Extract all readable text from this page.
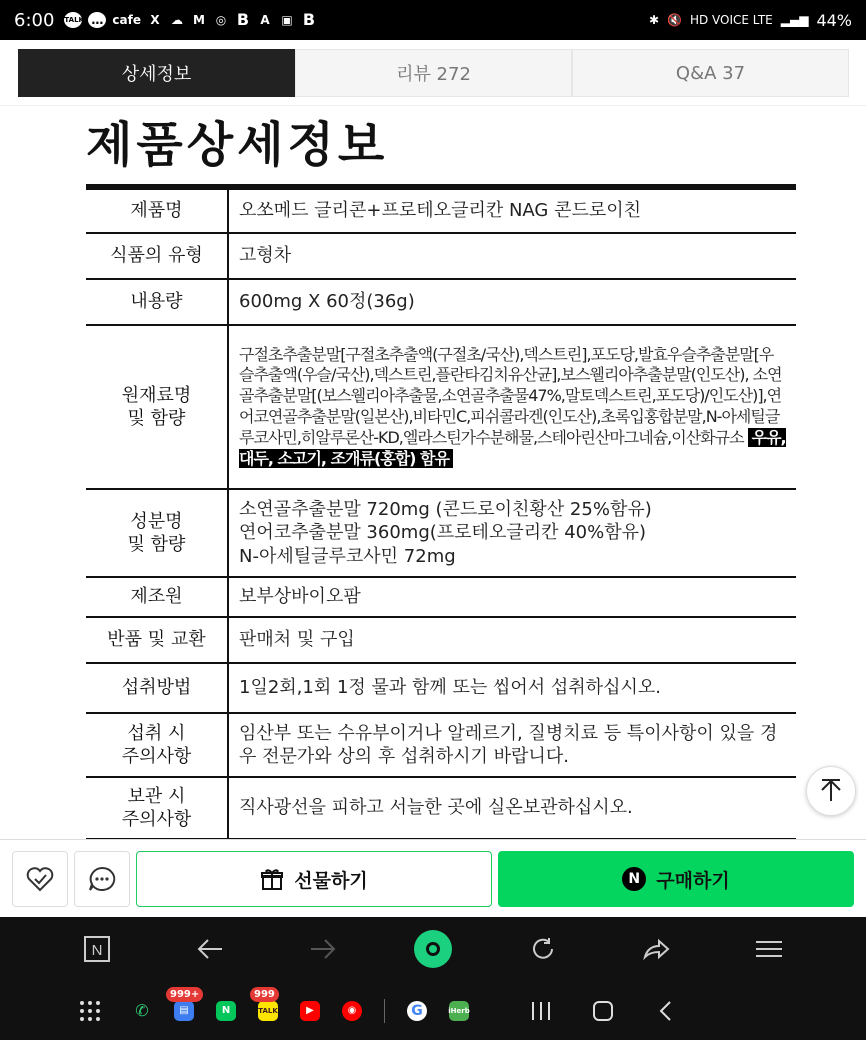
6:00 TALK … cafe X ☁ M ◎ B A ▣ B	✱ 🔇 HD VOICE LTE ▂▄▆ 44%
상세정보	리뷰 272	Q&A 37
제품상세정보
제품명	오쏘메드 글리콘+프로테오글리칸 NAG 콘드로이친
식품의 유형	고형차
내용량	600mg X 60정(36g)
원재료명
및 함량	구절초추출분말[구절초추출액(구절초/국산),덱스트린],포도당,발효우슬추출분말[우슬추출액(우슬/국산),덱스트린,플란타김치유산균],보스웰리아추출분말(인도산), 소연골추출분말[(보스웰리아추출물,소연골추출물47%,말토덱스트린,포도당)/인도산)],연어코연골추출분말(일본산),비타민C,피쉬콜라겐(인도산),초록입홍합분말,N-아세틸글루코사민,히알루론산-KD,엘라스틴가수분해물,스테아린산마그네슘,이산화규소 우유, 대두, 소고기, 조개류(홍합) 함유
성분명
및 함량	소연골추출분말 720mg (콘드로이친황산 25%함유)
연어코추출분말 360mg(프로테오글리칸 40%함유)
N-아세틸글루코사민 72mg
제조원	보부상바이오팜
반품 및 교환	판매처 및 구입
섭취방법	1일2회,1회 1정 물과 함께 또는 씹어서 섭취하십시오.
섭취 시
주의사항	임산부 또는 수유부이거나 알레르기, 질병치료 등 특이사항이 있을 경우 전문가와 상의 후 섭취하시기 바랍니다.
보관 시
주의사항	직사광선을 피하고 서늘한 곳에 실온보관하십시오.
선물하기	N 구매하기
N
✆	▤
999+
N	TALK
999
▶	◉	G	iHerb
